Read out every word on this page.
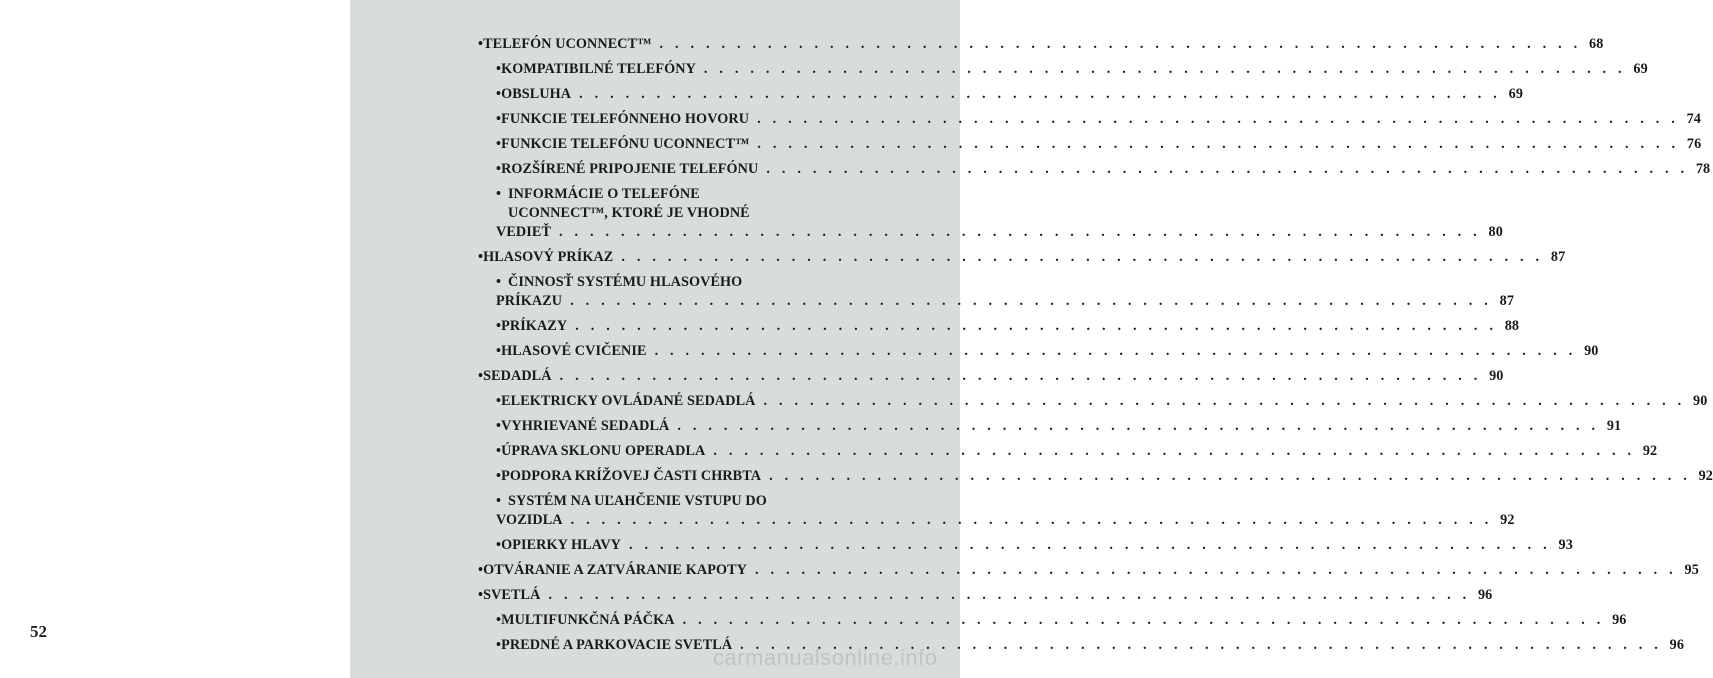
52
• TELEFÓN UCONNECT™ . . . . . . . . . . . . . . . . . . . . . . . . . . . . . . . . . . . . . . . . . . . . . . . . . . . . . . . . . . . . 68
• KOMPATIBILNÉ TELEFÓNY . . . . . . . . . . . . . . . . . . . . . . . . . . . . . . . . . . . . . . . . . . . . . . . . . . . . . . . . . . . . 69
• OBSLUHA . . . . . . . . . . . . . . . . . . . . . . . . . . . . . . . . . . . . . . . . . . . . . . . . . . . . . . . . . . . . 69
• FUNKCIE TELEFÓNNEHO HOVORU . . . . . . . . . . . . . . . . . . . . . . . . . . . . . . . . . . . . . . . . . . . . . . . . . . . . . . . . . . . . 74
• FUNKCIE TELEFÓNU UCONNECT™ . . . . . . . . . . . . . . . . . . . . . . . . . . . . . . . . . . . . . . . . . . . . . . . . . . . . . . . . . . . . 76
• ROZŠÍRENÉ PRIPOJENIE TELEFÓNU . . . . . . . . . . . . . . . . . . . . . . . . . . . . . . . . . . . . . . . . . . . . . . . . . . . . . . . . . . . . 78
• INFORMÁCIE O TELEFÓNE
UCONNECT™, KTORÉ JE VHODNÉ
VEDIEŤ . . . . . . . . . . . . . . . . . . . . . . . . . . . . . . . . . . . . . . . . . . . . . . . . . . . . . . . . . . . . 80
• HLASOVÝ PRÍKAZ . . . . . . . . . . . . . . . . . . . . . . . . . . . . . . . . . . . . . . . . . . . . . . . . . . . . . . . . . . . . 87
• ČINNOSŤ SYSTÉMU HLASOVÉHO
PRÍKAZU . . . . . . . . . . . . . . . . . . . . . . . . . . . . . . . . . . . . . . . . . . . . . . . . . . . . . . . . . . . . 87
• PRÍKAZY . . . . . . . . . . . . . . . . . . . . . . . . . . . . . . . . . . . . . . . . . . . . . . . . . . . . . . . . . . . . 88
• HLASOVÉ CVIČENIE . . . . . . . . . . . . . . . . . . . . . . . . . . . . . . . . . . . . . . . . . . . . . . . . . . . . . . . . . . . . 90
• SEDADLÁ . . . . . . . . . . . . . . . . . . . . . . . . . . . . . . . . . . . . . . . . . . . . . . . . . . . . . . . . . . . . 90
• ELEKTRICKY OVLÁDANÉ SEDADLÁ . . . . . . . . . . . . . . . . . . . . . . . . . . . . . . . . . . . . . . . . . . . . . . . . . . . . . . . . . . . . 90
• VYHRIEVANÉ SEDADLÁ . . . . . . . . . . . . . . . . . . . . . . . . . . . . . . . . . . . . . . . . . . . . . . . . . . . . . . . . . . . . 91
• ÚPRAVA SKLONU OPERADLA . . . . . . . . . . . . . . . . . . . . . . . . . . . . . . . . . . . . . . . . . . . . . . . . . . . . . . . . . . . . 92
• PODPORA KRÍŽOVEJ ČASTI CHRBTA . . . . . . . . . . . . . . . . . . . . . . . . . . . . . . . . . . . . . . . . . . . . . . . . . . . . . . . . . . . . 92
• SYSTÉM NA UĽAHČENIE VSTUPU DO
VOZIDLA . . . . . . . . . . . . . . . . . . . . . . . . . . . . . . . . . . . . . . . . . . . . . . . . . . . . . . . . . . . . 92
• OPIERKY HLAVY . . . . . . . . . . . . . . . . . . . . . . . . . . . . . . . . . . . . . . . . . . . . . . . . . . . . . . . . . . . . 93
• OTVÁRANIE A ZATVÁRANIE KAPOTY . . . . . . . . . . . . . . . . . . . . . . . . . . . . . . . . . . . . . . . . . . . . . . . . . . . . . . . . . . . . 95
• SVETLÁ . . . . . . . . . . . . . . . . . . . . . . . . . . . . . . . . . . . . . . . . . . . . . . . . . . . . . . . . . . . . 96
• MULTIFUNKČNÁ PÁČKA . . . . . . . . . . . . . . . . . . . . . . . . . . . . . . . . . . . . . . . . . . . . . . . . . . . . . . . . . . . . 96
• PREDNÉ A PARKOVACIE SVETLÁ . . . . . . . . . . . . . . . . . . . . . . . . . . . . . . . . . . . . . . . . . . . . . . . . . . . . . . . . . . . . 96
carmanualsonline.info
